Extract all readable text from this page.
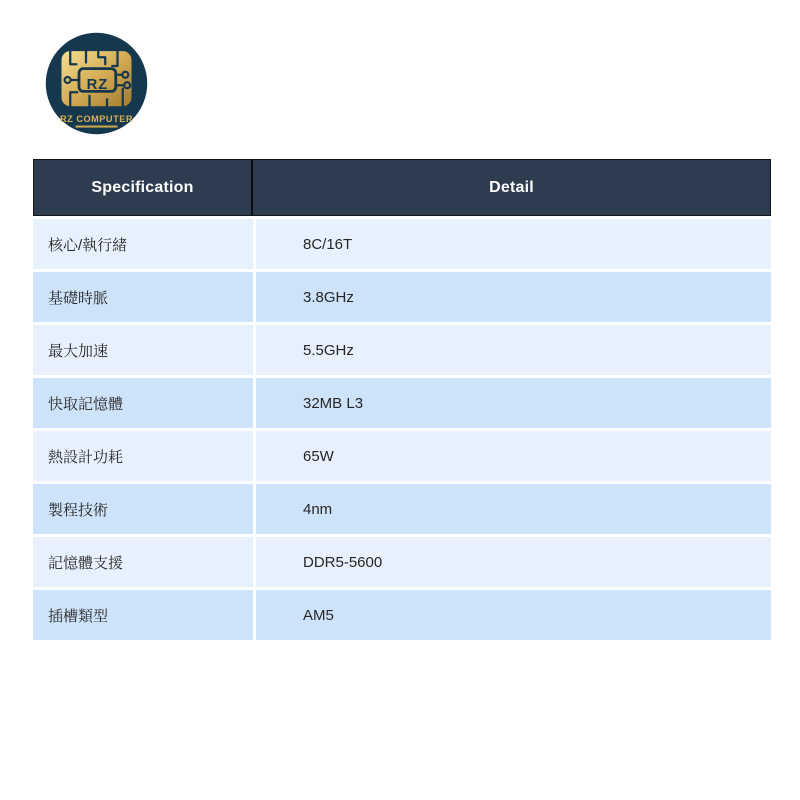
RZ
RZ COMPUTER
Specification	Detail
核心/執行緒	8C/16T
基礎時脈	3.8GHz
最大加速	5.5GHz
快取記憶體	32MB L3
熱設計功耗	65W
製程技術	4nm
記憶體支援	DDR5-5600
插槽類型	AM5
